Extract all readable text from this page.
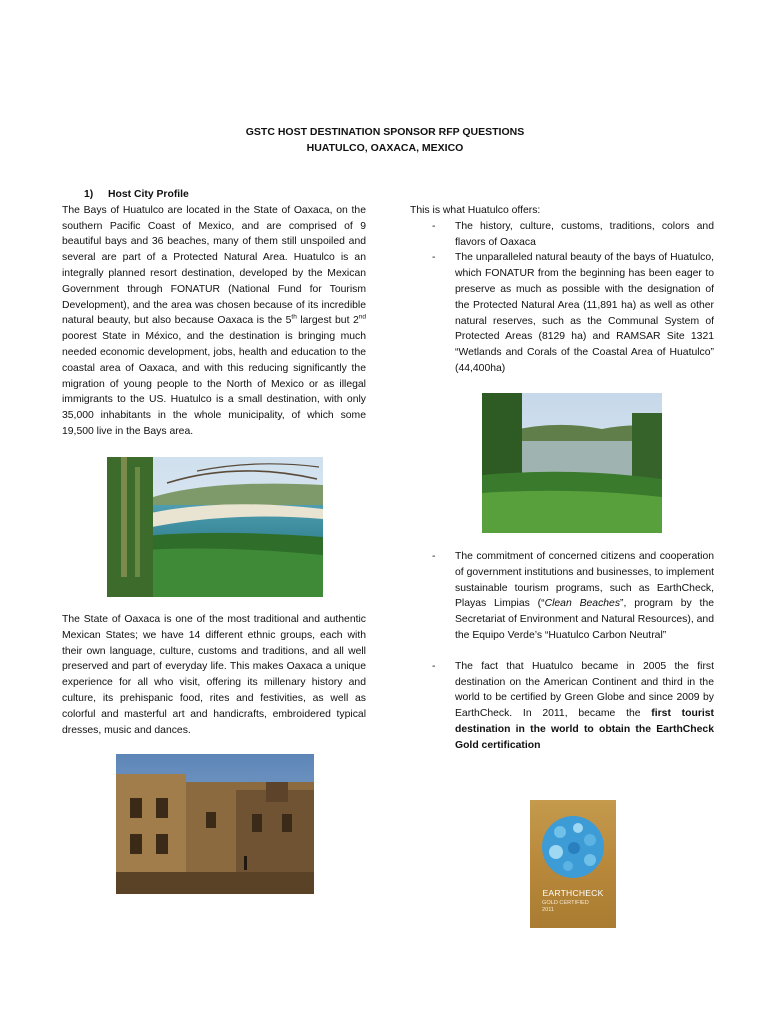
GSTC HOST DESTINATION SPONSOR RFP QUESTIONS
HUATULCO, OAXACA, MEXICO
1) Host City Profile

The Bays of Huatulco are located in the State of Oaxaca, on the southern Pacific Coast of Mexico, and are comprised of 9 beautiful bays and 36 beaches, many of them still unspoiled and several are part of a Protected Natural Area. Huatulco is an integrally planned resort destination, developed by the Mexican Government through FONATUR (National Fund for Tourism Development), and the area was chosen because of its incredible natural beauty, but also because Oaxaca is the 5th largest but 2nd poorest State in México, and the destination is bringing much needed economic development, jobs, health and education to the coastal area of Oaxaca, and with this reducing significantly the migration of young people to the North of Mexico or as illegal immigrants to the US. Huatulco is a small destination, with only 35,000 inhabitants in the whole municipality, of which some 19,500 live in the Bays area.

The State of Oaxaca is one of the most traditional and authentic Mexican States; we have 14 different ethnic groups, each with their own language, culture, customs and traditions, and all well preserved and part of everyday life. This makes Oaxaca a unique experience for all who visit, offering its millenary history and culture, its prehispanic food, rites and festivities, as well as colorful and masterful art and handicrafts, embroidered typical dresses, music and dances.

This is what Huatulco offers:

- The history, culture, customs, traditions, colors and flavors of Oaxaca

- The unparalleled natural beauty of the bays of Huatulco, which FONATUR from the beginning has been eager to preserve as much as possible with the designation of the Protected Natural Area (11,891 ha) as well as other natural reserves, such as the Communal System of Protected Areas (8129 ha) and RAMSAR Site 1321 “Wetlands and Corals of the Coastal Area of Huatulco” (44,400ha)

- The commitment of concerned citizens and cooperation of government institutions and businesses, to implement sustainable tourism programs, such as EarthCheck, Playas Limpias (“Clean Beaches”, program by the Secretariat of Environment and Natural Resources), and the Equipo Verde’s “Huatulco Carbon Neutral”

- The fact that Huatulco became in 2005 the first destination on the American Continent and third in the world to be certified by Green Globe and since 2009 by EarthCheck. In 2011, became the first tourist destination in the world to obtain the EarthCheck Gold certification

EARTHCHECK
GOLD CERTIFIED
2011
